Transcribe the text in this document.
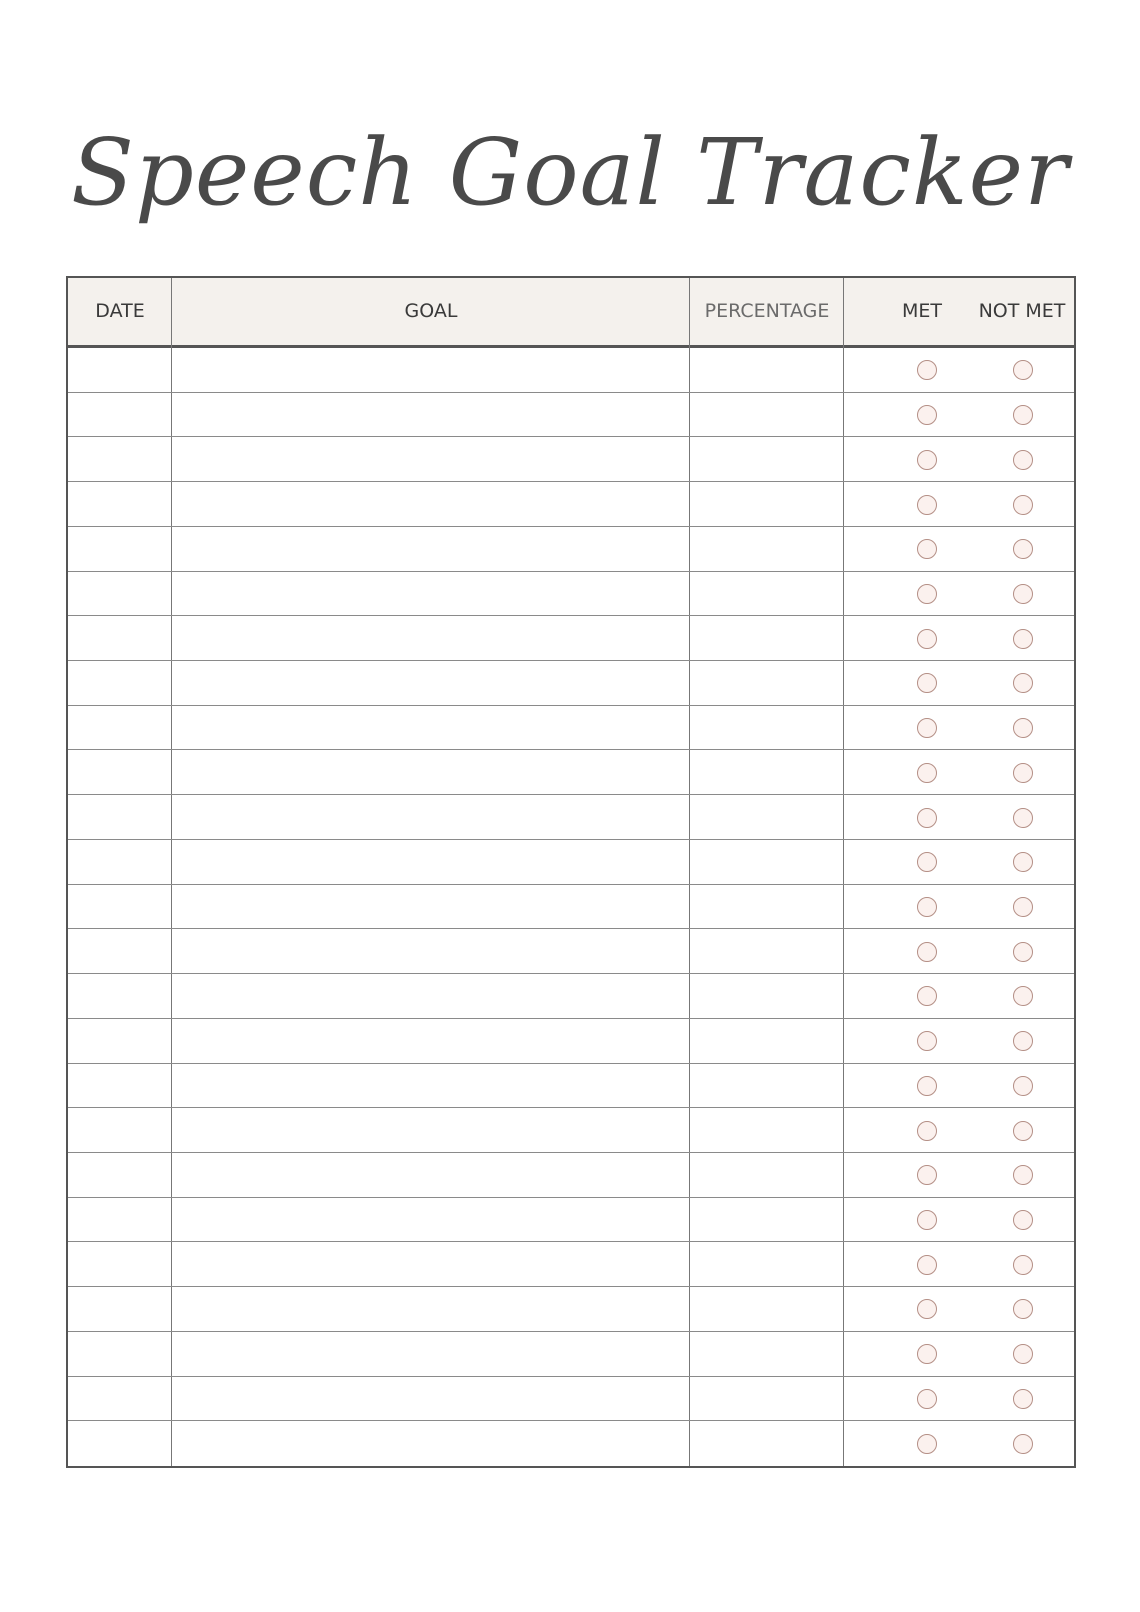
Speech Goal Tracker
DATE	GOAL	PERCENTAGE	MET	NOT MET
